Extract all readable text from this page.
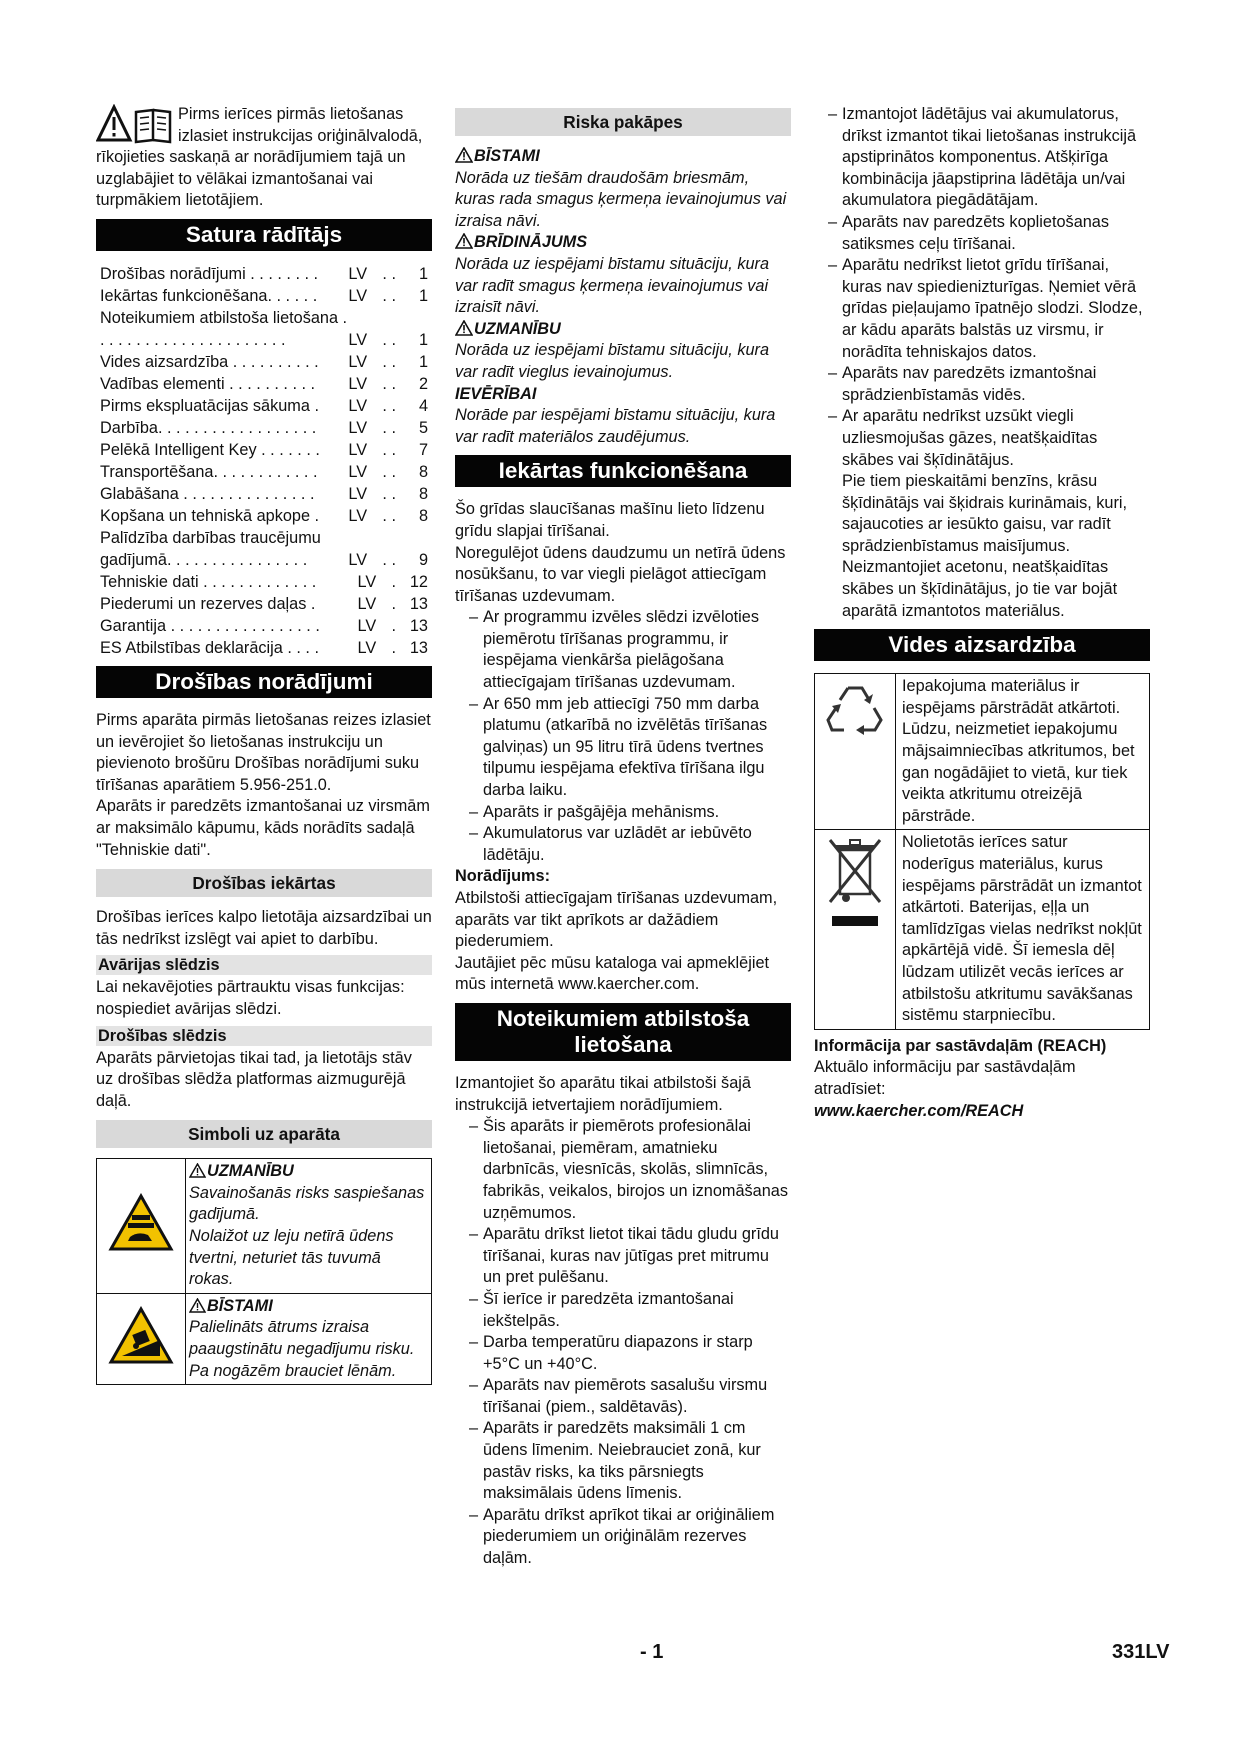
Pirms ierīces pirmās lietošanas izlasiet instrukcijas oriģinālvalodā, rīkojieties saskaņā ar norādījumiem tajā un uzglabājiet to vēlākai izmantošanai vai turpmākiem lietotājiem.

Satura rādītājs
Drošības norādījumi . . . . . . . .	LV . .	1
Iekārtas funkcionēšana. . . . . .	LV . .	1
Noteikumiem atbilstoša lietošana . . . . . . . . . . . . . . . . . . . . . .	LV . .	1
Vides aizsardzība . . . . . . . . . .	LV . .	1
Vadības elementi . . . . . . . . . .	LV . .	2
Pirms ekspluatācijas sākuma .	LV . .	4
Darbība. . . . . . . . . . . . . . . . . .	LV . .	5
Pelēkā Intelligent Key . . . . . . .	LV . .	7
Transportēšana. . . . . . . . . . . .	LV . .	8
Glabāšana . . . . . . . . . . . . . . .	LV . .	8
Kopšana un tehniskā apkope .	LV . .	8
Palīdzība darbības traucējumu gadījumā. . . . . . . . . . . . . . . .	LV . .	9
Tehniskie dati . . . . . . . . . . . . .	LV . 12
Piederumi un rezerves daļas .	LV . 13
Garantija . . . . . . . . . . . . . . . . .	LV . 13
ES Atbilstības deklarācija . . . .	LV . 13
Drošības norādījumi

Pirms aparāta pirmās lietošanas reizes izlasiet un ievērojiet šo lietošanas instrukciju un pievienoto brošūru Drošības norādījumi suku tīrīšanas aparātiem 5.956-251.0.

Aparāts ir paredzēts izmantošanai uz virsmām ar maksimālo kāpumu, kāds norādīts sadaļā "Tehniskie dati".

Drošības iekārtas

Drošības ierīces kalpo lietotāja aizsardzībai un tās nedrīkst izslēgt vai apiet to darbību.

Avārijas slēdzis

Lai nekavējoties pārtrauktu visas funkcijas: nospiediet avārijas slēdzi.

Drošības slēdzis

Aparāts pārvietojas tikai tad, ja lietotājs stāv uz drošības slēdža platformas aizmugurējā daļā.

Simboli uz aparāta

UZMANĪBU
Savainošanās risks saspiešanas gadījumā.
Nolaižot uz leju netīrā ūdens tvertni, neturiet tās tuvumā rokas.

BĪSTAMI
Palielināts ātrums izraisa paaugstinātu negadījumu risku.
Pa nogāzēm brauciet lēnām.
Riska pakāpes
BĪSTAMI
Norāda uz tiešām draudošām briesmām, kuras rada smagus ķermeņa ievainojumus vai izraisa nāvi.
BRĪDINĀJUMS
Norāda uz iespējami bīstamu situāciju, kura var radīt smagus ķermeņa ievainojumus vai izraisīt nāvi.
UZMANĪBU
Norāda uz iespējami bīstamu situāciju, kura var radīt vieglus ievainojumus.
IEVĒRĪBAI
Norāde par iespējami bīstamu situāciju, kura var radīt materiālos zaudējumus.
Iekārtas funkcionēšana

Šo grīdas slaucīšanas mašīnu lieto līdzenu grīdu slapjai tīrīšanai.

Noregulējot ūdens daudzumu un netīrā ūdens nosūkšanu, to var viegli pielāgot attiecīgam tīrīšanas uzdevumam.

– Ar programmu izvēles slēdzi izvēloties piemērotu tīrīšanas programmu, ir iespējama vienkārša pielāgošana attiecīgajam tīrīšanas uzdevumam.
– Ar 650 mm jeb attiecīgi 750 mm darba platumu (atkarībā no izvēlētās tīrīšanas galviņas) un 95 litru tīrā ūdens tvertnes tilpumu iespējama efektīva tīrīšana ilgu darba laiku.
– Aparāts ir pašgājēja mehānisms.
– Akumulatorus var uzlādēt ar iebūvēto lādētāju.
Norādījums:

Atbilstoši attiecīgajam tīrīšanas uzdevumam, aparāts var tikt aprīkots ar dažādiem piederumiem.

Jautājiet pēc mūsu kataloga vai apmeklējiet mūs internetā www.kaercher.com.

Noteikumiem atbilstoša lietošana

Izmantojiet šo aparātu tikai atbilstoši šajā instrukcijā ietvertajiem norādījumiem.

– Šis aparāts ir piemērots profesionālai lietošanai, piemēram, amatnieku darbnīcās, viesnīcās, skolās, slimnīcās, fabrikās, veikalos, birojos un iznomāšanas uzņēmumos.
– Aparātu drīkst lietot tikai tādu gludu grīdu tīrīšanai, kuras nav jūtīgas pret mitrumu un pret pulēšanu.
– Šī ierīce ir paredzēta izmantošanai iekštelpās.
– Darba temperatūru diapazons ir starp +5°C un +40°C.
– Aparāts nav piemērots sasalušu virsmu tīrīšanai (piem., saldētavās).
– Aparāts ir paredzēts maksimāli 1 cm ūdens līmenim. Neiebrauciet zonā, kur pastāv risks, ka tiks pārsniegts maksimālais ūdens līmenis.
– Aparātu drīkst aprīkot tikai ar oriģināliem piederumiem un oriģinālām rezerves daļām.
– Izmantojot lādētājus vai akumulatorus, drīkst izmantot tikai lietošanas instrukcijā apstiprinātos komponentus. Atšķirīga kombinācija jāapstiprina lādētāja un/vai akumulatora piegādātājam.
– Aparāts nav paredzēts koplietošanas satiksmes ceļu tīrīšanai.
– Aparātu nedrīkst lietot grīdu tīrīšanai, kuras nav spiedienizturīgas. Ņemiet vērā grīdas pieļaujamo īpatnējo slodzi. Slodze, ar kādu aparāts balstās uz virsmu, ir norādīta tehniskajos datos.
– Aparāts nav paredzēts izmantošnai sprādzienbīstamās vidēs.
– Ar aparātu nedrīkst uzsūkt viegli uzliesmojušas gāzes, neatšķaidītas skābes vai šķīdinātājus.

Pie tiem pieskaitāmi benzīns, krāsu šķīdinātājs vai šķidrais kurināmais, kuri, sajaucoties ar iesūkto gaisu, var radīt sprādzienbīstamus maisījumus. Neizmantojiet acetonu, neatšķaidītas skābes un šķīdinātājus, jo tie var bojāt aparātā izmantotos materiālus.

Vides aizsardzība
	Iepakojuma materiālus ir iespējams pārstrādāt atkārtoti. Lūdzu, neizmetiet iepakojumu mājsaimniecības atkritumos, bet gan nogādājiet to vietā, kur tiek veikta atkritumu otreizējā pārstrāde.
	Nolietotās ierīces satur noderīgus materiālus, kurus iespējams pārstrādāt un izmantot atkārtoti. Baterijas, eļļa un tamlīdzīgas vielas nedrīkst nokļūt apkārtējā vidē. Šī iemesla dēļ lūdzam utilizēt vecās ierīces ar atbilstošu atkritumu savākšanas sistēmu starpniecību.
Informācija par sastāvdaļām (REACH)

Aktuālo informāciju par sastāvdaļām atradīsiet:

www.kaercher.com/REACH

- 1	331LV
